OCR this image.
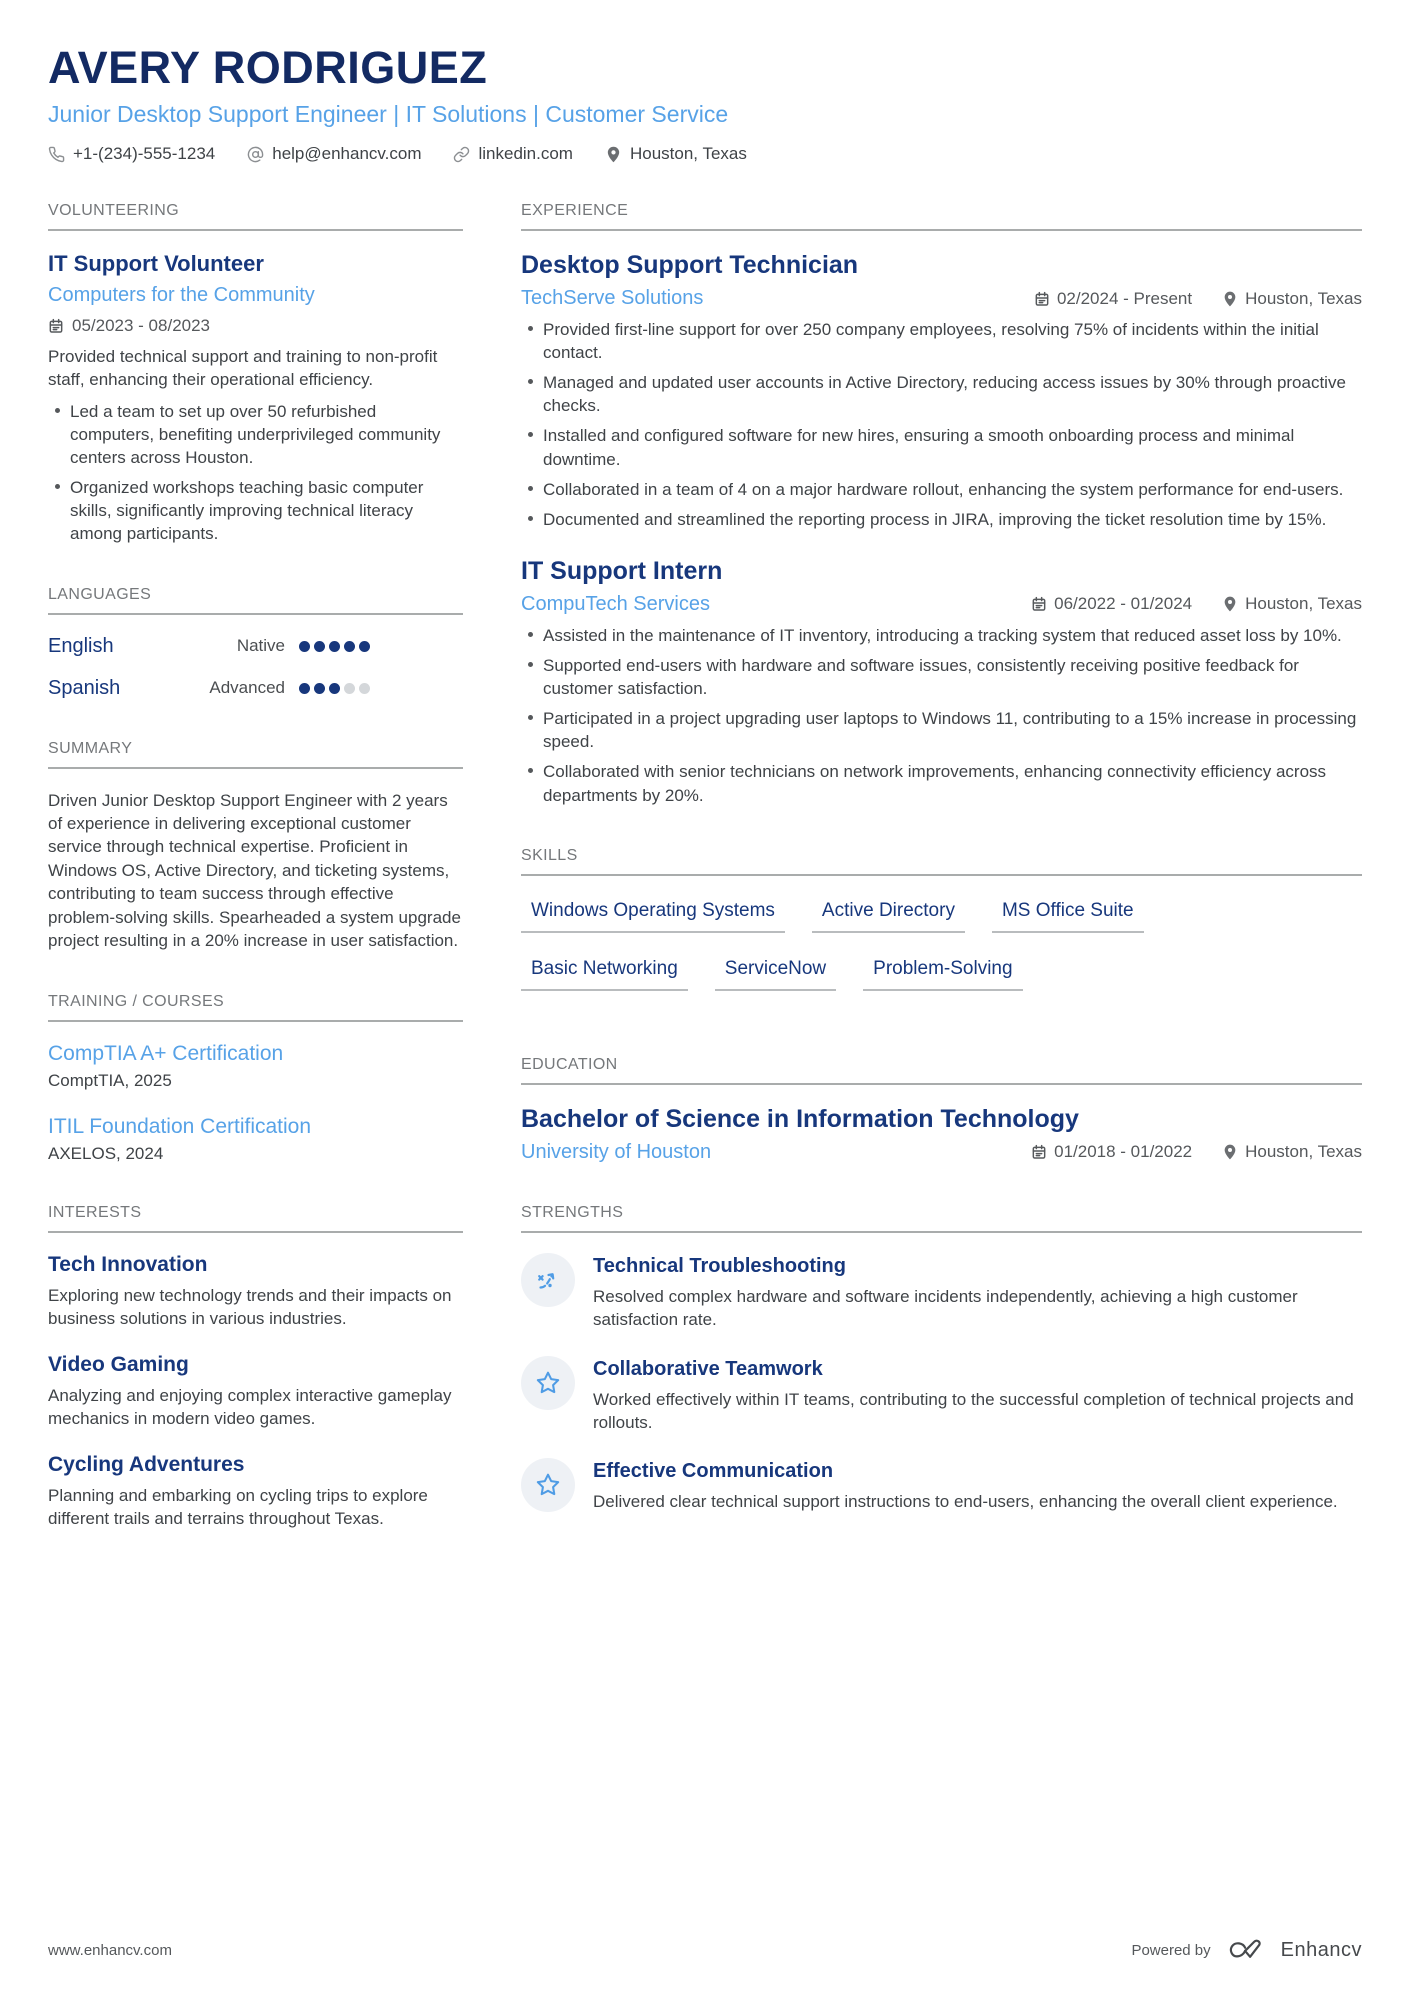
AVERY RODRIGUEZ
Junior Desktop Support Engineer | IT Solutions | Customer Service
+1-(234)-555-1234	help@enhancv.com	linkedin.com	Houston, Texas
VOLUNTEERING
IT Support Volunteer
Computers for the Community
05/2023 - 08/2023

Provided technical support and training to non-profit staff, enhancing their operational efficiency.

Led a team to set up over 50 refurbished computers, benefiting underprivileged community centers across Houston.
Organized workshops teaching basic computer skills, significantly improving technical literacy among participants.
LANGUAGES
English	Native
Spanish	Advanced
SUMMARY

Driven Junior Desktop Support Engineer with 2 years of experience in delivering exceptional customer service through technical expertise. Proficient in Windows OS, Active Directory, and ticketing systems, contributing to team success through effective problem-solving skills. Spearheaded a system upgrade project resulting in a 20% increase in user satisfaction.

TRAINING / COURSES
CompTIA A+ Certification
ComptTIA, 2025
ITIL Foundation Certification
AXELOS, 2024
INTERESTS
Tech Innovation
Exploring new technology trends and their impacts on business solutions in various industries.
Video Gaming
Analyzing and enjoying complex interactive gameplay mechanics in modern video games.
Cycling Adventures
Planning and embarking on cycling trips to explore different trails and terrains throughout Texas.
EXPERIENCE
Desktop Support Technician
TechServe Solutions	02/2024 - Present	Houston, Texas
Provided first-line support for over 250 company employees, resolving 75% of incidents within the initial contact.
Managed and updated user accounts in Active Directory, reducing access issues by 30% through proactive checks.
Installed and configured software for new hires, ensuring a smooth onboarding process and minimal downtime.
Collaborated in a team of 4 on a major hardware rollout, enhancing the system performance for end-users.
Documented and streamlined the reporting process in JIRA, improving the ticket resolution time by 15%.
IT Support Intern
CompuTech Services	06/2022 - 01/2024	Houston, Texas
Assisted in the maintenance of IT inventory, introducing a tracking system that reduced asset loss by 10%.
Supported end-users with hardware and software issues, consistently receiving positive feedback for customer satisfaction.
Participated in a project upgrading user laptops to Windows 11, contributing to a 15% increase in processing speed.
Collaborated with senior technicians on network improvements, enhancing connectivity efficiency across departments by 20%.
SKILLS
Windows Operating Systems Active Directory MS Office Suite
Basic Networking ServiceNow Problem-Solving
EDUCATION
Bachelor of Science in Information Technology
University of Houston	01/2018 - 01/2022	Houston, Texas
STRENGTHS
Technical Troubleshooting
Resolved complex hardware and software incidents independently, achieving a high customer satisfaction rate.
Collaborative Teamwork
Worked effectively within IT teams, contributing to the successful completion of technical projects and rollouts.
Effective Communication
Delivered clear technical support instructions to end-users, enhancing the overall client experience.
www.enhancv.com	Powered by	Enhancv
